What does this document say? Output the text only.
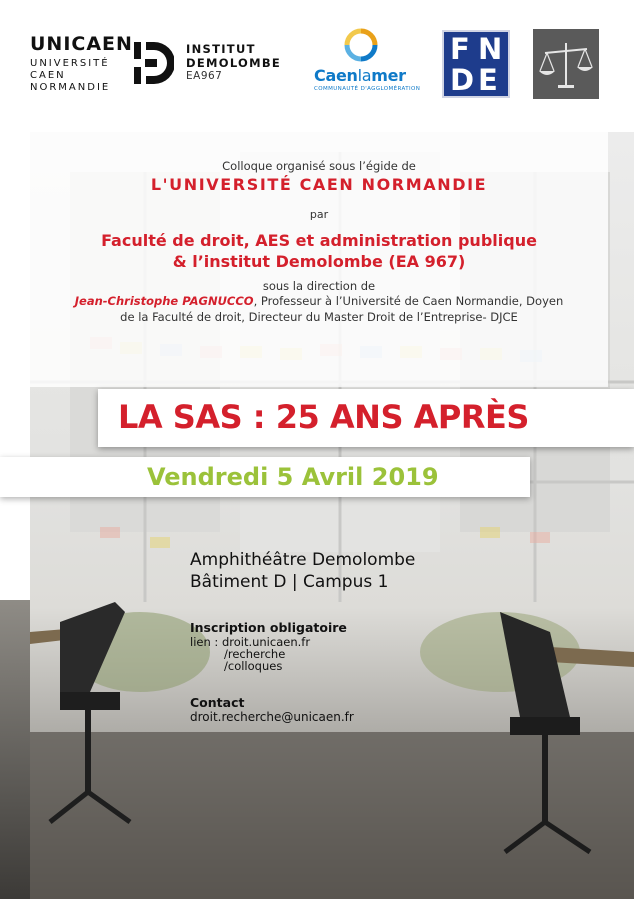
UNICAEN
UNIVERSITÉ
CAEN
NORMANDIE
INSTITUT
DEMOLOMBE
EA967	Caenlamer
COMMUNAUTÉ D'AGGLOMÉRATION
F N
D E
Colloque organisé sous l’égide de
L'UNIVERSITÉ CAEN NORMANDIE
par
Faculté de droit, AES et administration publique
& l’institut Demolombe (EA 967)
sous la direction de
Jean-Christophe PAGNUCCO, Professeur à l’Université de Caen Normandie, Doyen
de la Faculté de droit, Directeur du Master Droit de l’Entreprise- DJCE
LA SAS : 25 ANS APRÈS
Vendredi 5 Avril 2019
Amphithéâtre Demolombe
Bâtiment D | Campus 1
Inscription obligatoire
lien : droit.unicaen.fr
/recherche
/colloques
Contact
droit.recherche@unicaen.fr
